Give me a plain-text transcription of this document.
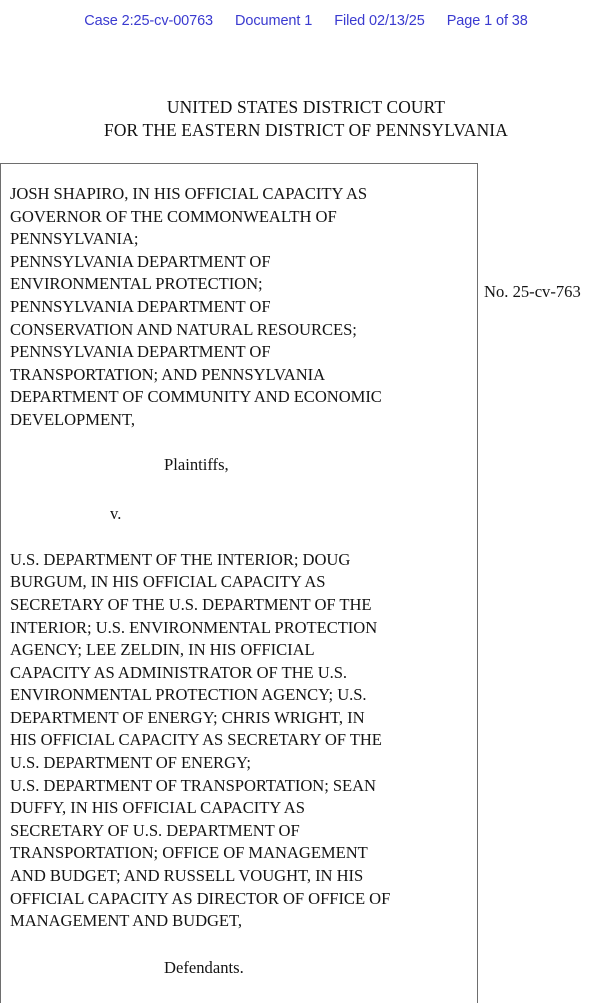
Case 2:25-cv-00763 Document 1 Filed 02/13/25 Page 1 of 38
UNITED STATES DISTRICT COURT
FOR THE EASTERN DISTRICT OF PENNSYLVANIA
JOSH SHAPIRO, IN HIS OFFICIAL CAPACITY AS
GOVERNOR OF THE COMMONWEALTH OF
PENNSYLVANIA;
PENNSYLVANIA DEPARTMENT OF
ENVIRONMENTAL PROTECTION;
PENNSYLVANIA DEPARTMENT OF
CONSERVATION AND NATURAL RESOURCES;
PENNSYLVANIA DEPARTMENT OF
TRANSPORTATION; AND PENNSYLVANIA
DEPARTMENT OF COMMUNITY AND ECONOMIC
DEVELOPMENT,
Plaintiffs,
v.
U.S. DEPARTMENT OF THE INTERIOR; DOUG
BURGUM, IN HIS OFFICIAL CAPACITY AS
SECRETARY OF THE U.S. DEPARTMENT OF THE
INTERIOR; U.S. ENVIRONMENTAL PROTECTION
AGENCY; LEE ZELDIN, IN HIS OFFICIAL
CAPACITY AS ADMINISTRATOR OF THE U.S.
ENVIRONMENTAL PROTECTION AGENCY; U.S.
DEPARTMENT OF ENERGY; CHRIS WRIGHT, IN
HIS OFFICIAL CAPACITY AS SECRETARY OF THE
U.S. DEPARTMENT OF ENERGY;
U.S. DEPARTMENT OF TRANSPORTATION; SEAN
DUFFY, IN HIS OFFICIAL CAPACITY AS
SECRETARY OF U.S. DEPARTMENT OF
TRANSPORTATION; OFFICE OF MANAGEMENT
AND BUDGET; AND RUSSELL VOUGHT, IN HIS
OFFICIAL CAPACITY AS DIRECTOR OF OFFICE OF
MANAGEMENT AND BUDGET,
Defendants.
No. 25-cv-763
